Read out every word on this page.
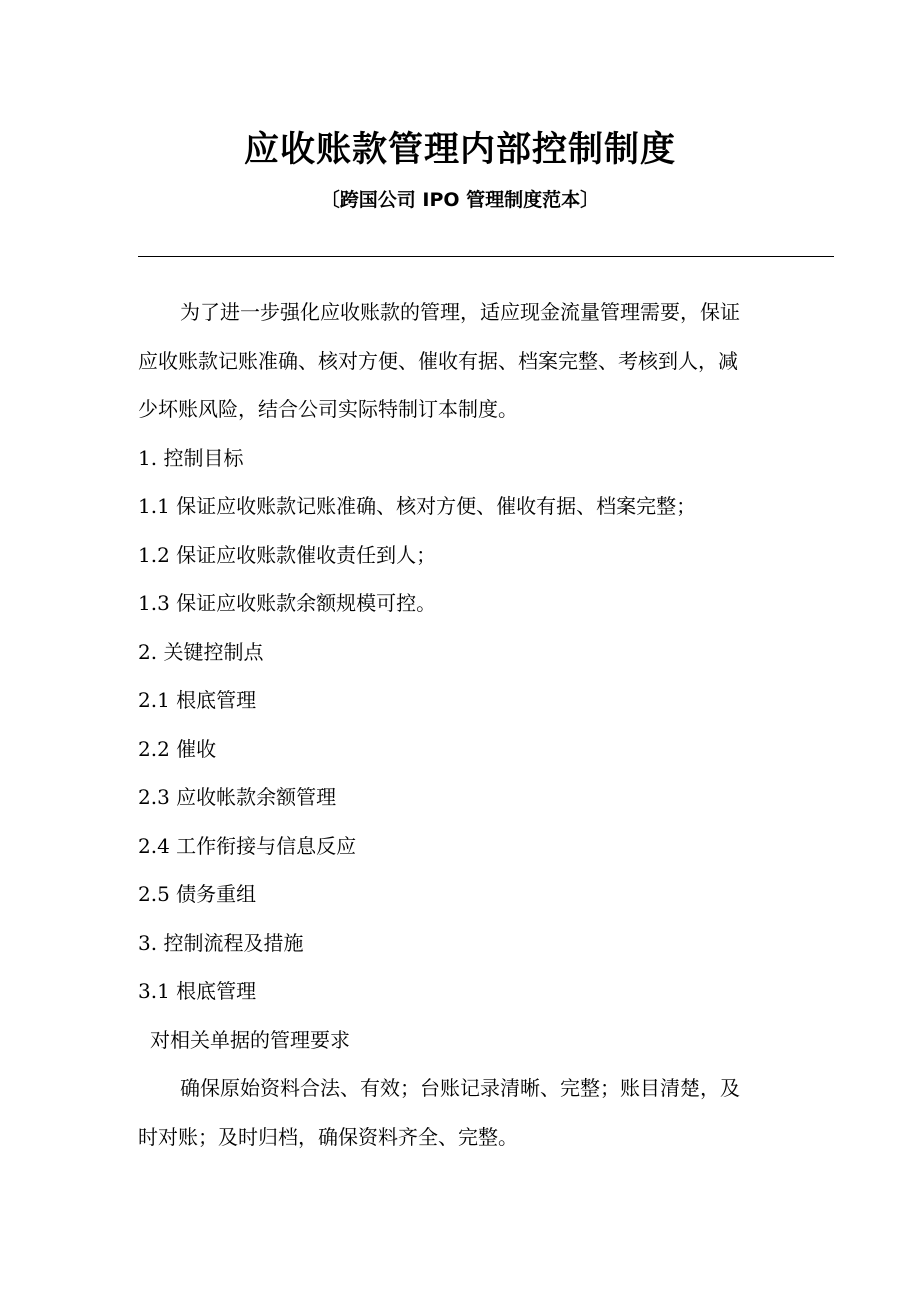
应收账款管理内部控制制度
〔跨国公司 IPO 管理制度范本〕
为了进一步强化应收账款的管理，适应现金流量管理需要，保证
应收账款记账准确、核对方便、催收有据、档案完整、考核到人，减
少坏账风险，结合公司实际特制订本制度。
1. 控制目标
1.1 保证应收账款记账准确、核对方便、催收有据、档案完整；
1.2 保证应收账款催收责任到人；
1.3 保证应收账款余额规模可控。
2. 关键控制点
2.1 根底管理
2.2 催收
2.3 应收帐款余额管理
2.4 工作衔接与信息反应
2.5 债务重组
3. 控制流程及措施
3.1 根底管理
对相关单据的管理要求
确保原始资料合法、有效；台账记录清晰、完整；账目清楚，及
时对账；及时归档，确保资料齐全、完整。
